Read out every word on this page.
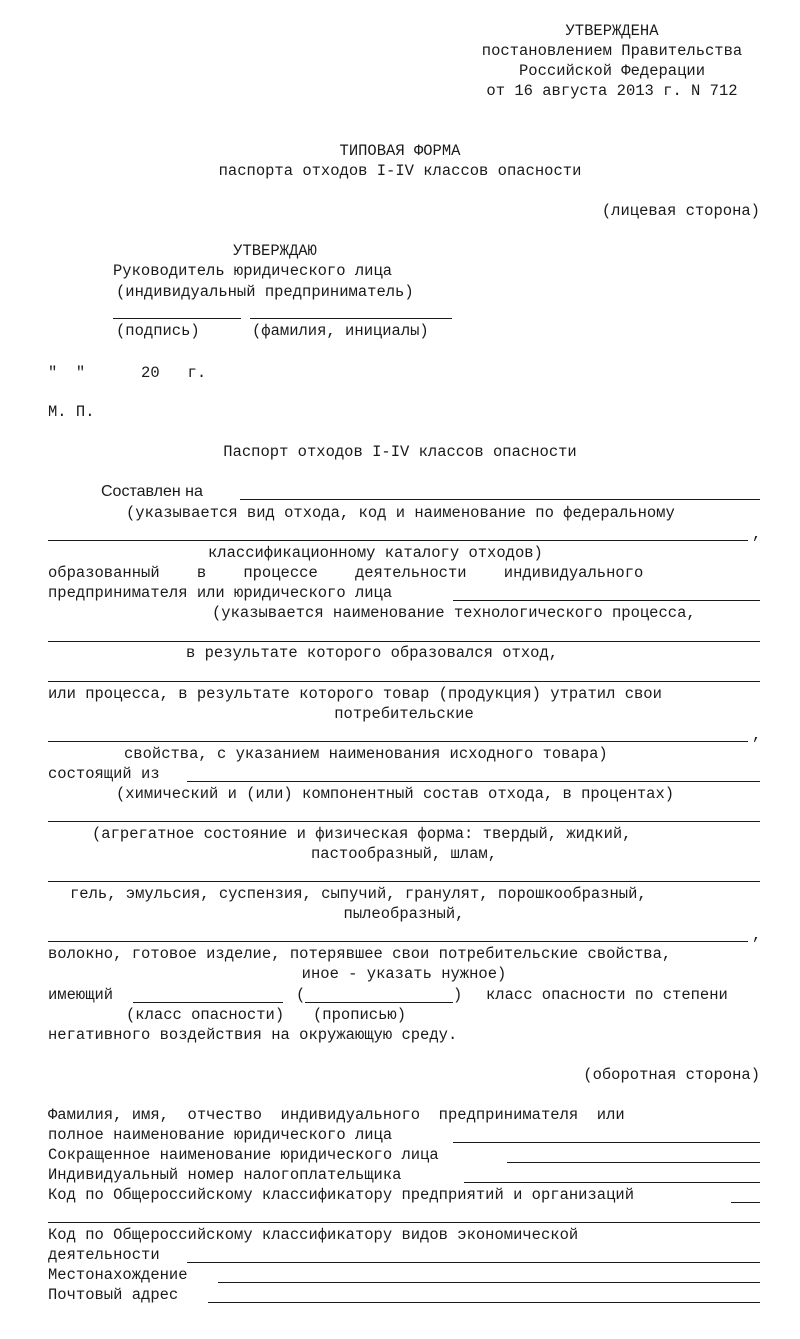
УТВЕРЖДЕНА
постановлением Правительства
Российской Федерации
от 16 августа 2013 г. N 712
ТИПОВАЯ ФОРМА
паспорта отходов I-IV классов опасности
(лицевая сторона)
УТВЕРЖДАЮ
Руководитель юридического лица
(индивидуальный предприниматель)
(подпись)	(фамилия, инициалы)
"  "      20   г.
М. П.
Паспорт отходов I-IV классов опасности
Составлен на
(указывается вид отхода, код и наименование по федеральному
,
классификационному каталогу отходов)
образованный    в    процессе    деятельности    индивидуального
предпринимателя или юридического лица
(указывается наименование технологического процесса,
в результате которого образовался отход,
или процесса, в результате которого товар (продукция) утратил свои
потребительские
,
свойства, с указанием наименования исходного товара)
состоящий из
(химический и (или) компонентный состав отхода, в процентах)
(агрегатное состояние и физическая форма: твердый, жидкий,
пастообразный, шлам,
гель, эмульсия, суспензия, сыпучий, гранулят, порошкообразный,
пылеобразный,
,
волокно, готовое изделие, потерявшее свои потребительские свойства,
иное - указать нужное)
имеющий	(	) класс опасности по степени
(класс опасности) (прописью)
негативного воздействия на окружающую среду.
(оборотная сторона)
Фамилия, имя,  отчество  индивидуального  предпринимателя  или
полное наименование юридического лица
Сокращенное наименование юридического лица
Индивидуальный номер налогоплательщика
Код по Общероссийскому классификатору предприятий и организаций
Код по Общероссийскому классификатору видов экономической
деятельности
Местонахождение
Почтовый адрес
